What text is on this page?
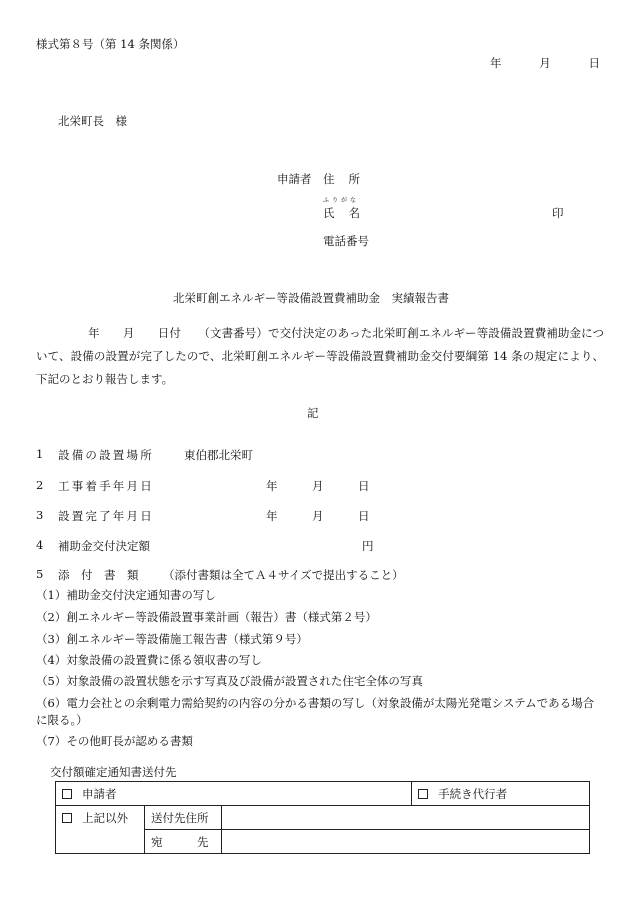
様式第８号（第 14 条関係）
年	月	日
北栄町長　様
申請者 住所
ふりがな
氏名	印
電話番号
北栄町創エネルギー等設備設置費補助金　実績報告書
年　　月　　日付　　（文書番号）で交付決定のあった北栄町創エネルギー等設備設置費補助金について、設備の設置が完了したので、北栄町創エネルギー等設備設置費補助金交付要綱第 14 条の規定により、下記のとおり報告します。
記
1 設備の設置場所	東伯郡北栄町
2 工事着手年月日	年　　　月　　　日
3 設置完了年月日	年　　　月　　　日
4 補助金交付決定額	円
5 添　付　書　類 （添付書類は全てＡ４サイズで提出すること）
（1）補助金交付決定通知書の写し
（2）創エネルギー等設備設置事業計画（報告）書（様式第２号）
（3）創エネルギー等設備施工報告書（様式第９号）
（4）対象設備の設置費に係る領収書の写し
（5）対象設備の設置状態を示す写真及び設備が設置された住宅全体の写真
（6）電力会社との余剰電力需給契約の内容の分かる書類の写し（対象設備が太陽光発電システムである場合に限る。）
（7）その他町長が認める書類
交付額確定通知書送付先
申請者			手続き代行者
上記以外	送付先住所		
	宛　　　先		
